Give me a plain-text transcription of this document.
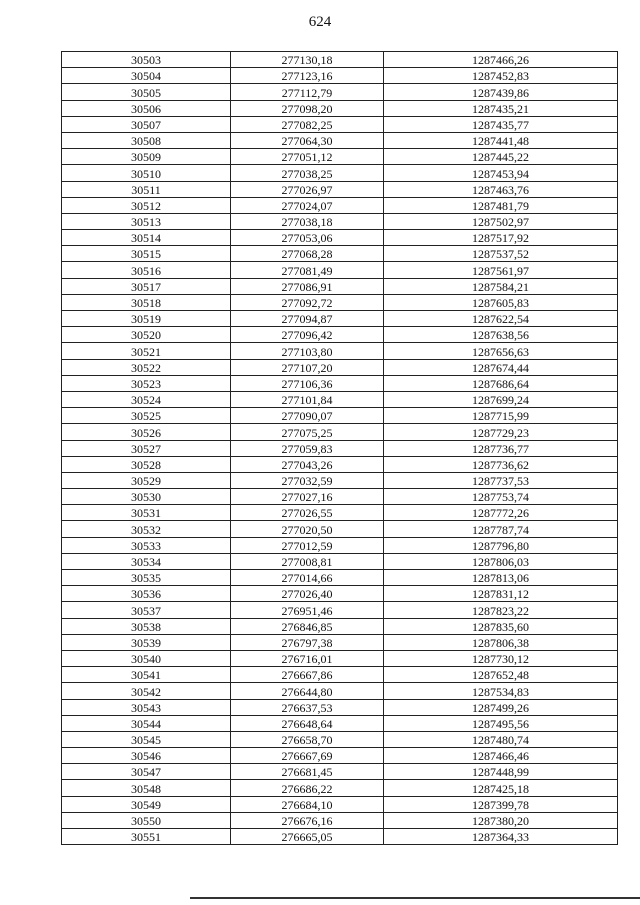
624
30503	277130,18	1287466,26
30504	277123,16	1287452,83
30505	277112,79	1287439,86
30506	277098,20	1287435,21
30507	277082,25	1287435,77
30508	277064,30	1287441,48
30509	277051,12	1287445,22
30510	277038,25	1287453,94
30511	277026,97	1287463,76
30512	277024,07	1287481,79
30513	277038,18	1287502,97
30514	277053,06	1287517,92
30515	277068,28	1287537,52
30516	277081,49	1287561,97
30517	277086,91	1287584,21
30518	277092,72	1287605,83
30519	277094,87	1287622,54
30520	277096,42	1287638,56
30521	277103,80	1287656,63
30522	277107,20	1287674,44
30523	277106,36	1287686,64
30524	277101,84	1287699,24
30525	277090,07	1287715,99
30526	277075,25	1287729,23
30527	277059,83	1287736,77
30528	277043,26	1287736,62
30529	277032,59	1287737,53
30530	277027,16	1287753,74
30531	277026,55	1287772,26
30532	277020,50	1287787,74
30533	277012,59	1287796,80
30534	277008,81	1287806,03
30535	277014,66	1287813,06
30536	277026,40	1287831,12
30537	276951,46	1287823,22
30538	276846,85	1287835,60
30539	276797,38	1287806,38
30540	276716,01	1287730,12
30541	276667,86	1287652,48
30542	276644,80	1287534,83
30543	276637,53	1287499,26
30544	276648,64	1287495,56
30545	276658,70	1287480,74
30546	276667,69	1287466,46
30547	276681,45	1287448,99
30548	276686,22	1287425,18
30549	276684,10	1287399,78
30550	276676,16	1287380,20
30551	276665,05	1287364,33
